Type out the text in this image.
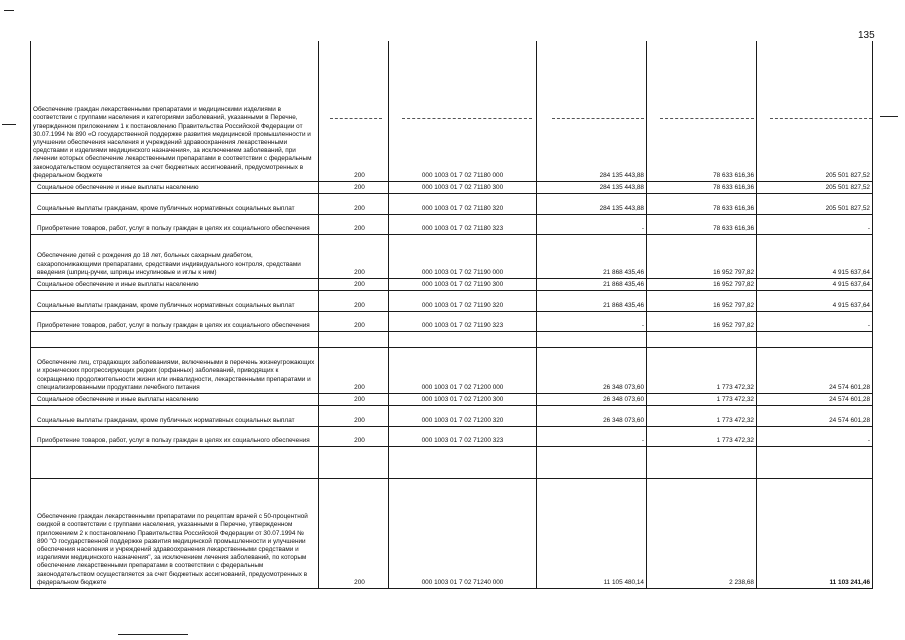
135

Обеспечение граждан лекарственными препаратами и медицинскими изделиями в соответствии с группами населения и категориями заболеваний, указанными в Перечне, утвержденном приложением 1 к постановлению Правительства Российской Федерации от 30.07.1994 № 890 «О государственной поддержке развития медицинской промышленности и улучшении обеспечения населения и учреждений здравоохранения лекарственными средствами и изделиями медицинского назначения», за исключением заболеваний, при лечении которых обеспечение лекарственными препаратами в соответствии с федеральным законодательством осуществляется за счет бюджетных ассигнований, предусмотренных в федеральном бюджете	200	000 1003 01 7 02 71180 000	284 135 443,88	78 633 616,36	205 501 827,52
Социальное обеспечение и иные выплаты населению	200	000 1003 01 7 02 71180 300	284 135 443,88	78 633 616,36	205 501 827,52
Социальные выплаты гражданам, кроме публичных нормативных социальных выплат	200	000 1003 01 7 02 71180 320	284 135 443,88	78 633 616,36	205 501 827,52
Приобретение товаров, работ, услуг в пользу граждан в целях их социального обеспечения	200	000 1003 01 7 02 71180 323	-	78 633 616,36	-
Обеспечение детей с рождения до 18 лет, больных сахарным диабетом, сахаропонижающими препаратами, средствами индивидуального контроля, средствами введения (шприц-ручки, шприцы инсулиновые и иглы к ним)	200	000 1003 01 7 02 71190 000	21 868 435,46	16 952 797,82	4 915 637,64
Социальное обеспечение и иные выплаты населению	200	000 1003 01 7 02 71190 300	21 868 435,46	16 952 797,82	4 915 637,64
Социальные выплаты гражданам, кроме публичных нормативных социальных выплат	200	000 1003 01 7 02 71190 320	21 868 435,46	16 952 797,82	4 915 637,64
Приобретение товаров, работ, услуг в пользу граждан в целях их социального обеспечения	200	000 1003 01 7 02 71190 323	-	16 952 797,82	-

Обеспечение лиц, страдающих заболеваниями, включенными в перечень жизнеугрожающих и хронических прогрессирующих редких (орфанных) заболеваний, приводящих к сокращению продолжительности жизни или инвалидности, лекарственными препаратами и специализированными продуктами лечебного питания	200	000 1003 01 7 02 71200 000	26 348 073,60	1 773 472,32	24 574 601,28
Социальное обеспечение и иные выплаты населению	200	000 1003 01 7 02 71200 300	26 348 073,60	1 773 472,32	24 574 601,28
Социальные выплаты гражданам, кроме публичных нормативных социальных выплат	200	000 1003 01 7 02 71200 320	26 348 073,60	1 773 472,32	24 574 601,28
Приобретение товаров, работ, услуг в пользу граждан в целях их социального обеспечения	200	000 1003 01 7 02 71200 323	-	1 773 472,32	-

Обеспечение граждан лекарственными препаратами по рецептам врачей с 50-процентной скидкой в соответствии с группами населения, указанными в Перечне, утвержденном приложением 2 к постановлению Правительства Российской Федерации от 30.07.1994 № 890 "О государственной поддержке развития медицинской промышленности и улучшении обеспечения населения и учреждений здравоохранения лекарственными средствами и изделиями медицинского назначения", за исключением лечения заболеваний, по которым обеспечение лекарственными препаратами в соответствии с федеральным законодательством осуществляется за счет бюджетных ассигнований, предусмотренных в федеральном бюджете	200	000 1003 01 7 02 71240 000	11 105 480,14	2 238,68	11 103 241,46
